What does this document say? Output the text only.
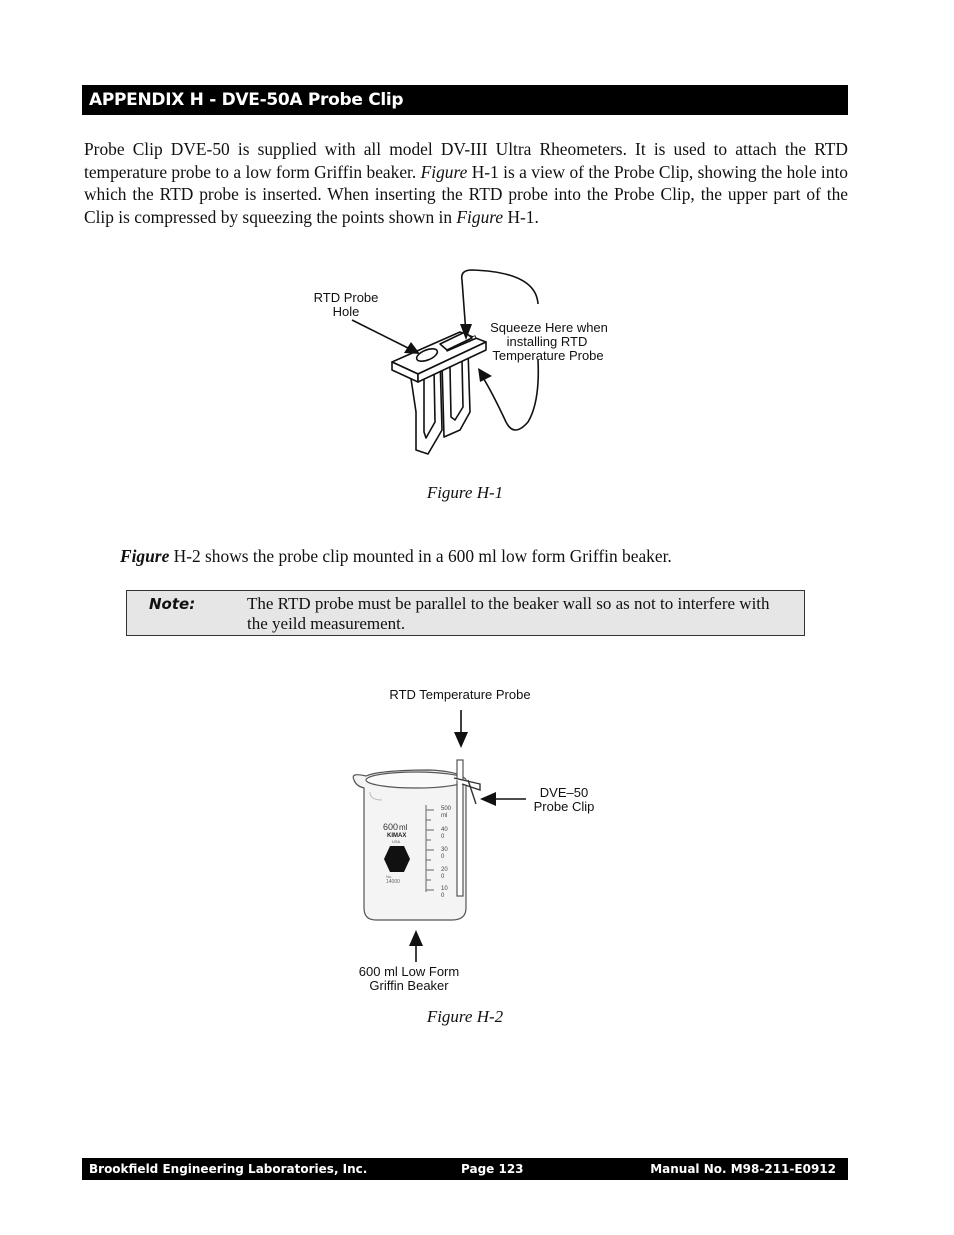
APPENDIX H - DVE-50A Probe Clip

Probe Clip DVE-50 is supplied with all model DV-III Ultra Rheometers. It is used to attach the RTD temperature probe to a low form Griffin beaker. Figure H-1 is a view of the Probe Clip, showing the hole into which the RTD probe is inserted. When inserting the RTD probe into the Probe Clip, the upper part of the Clip is compressed by squeezing the points shown in Figure H-1.

RTD Probe
Hole
Squeeze Here when
installing RTD
Temperature Probe
Figure H-1

Figure H-2 shows the probe clip mounted in a 600 ml low form Griffin beaker.

Note:	The RTD probe must be parallel to the beaker wall so as not to interfere with the yeild measurement.

RTD Temperature Probe
DVE–50
Probe Clip
500
ml
40
0
30
0
20
0
10
0
600 ml
KIMAX
USA
No.
14000
600 ml Low Form
Griffin Beaker
Figure H-2
Brookfield Engineering Laboratories, Inc.	Page 123	Manual No. M98-211-E0912
